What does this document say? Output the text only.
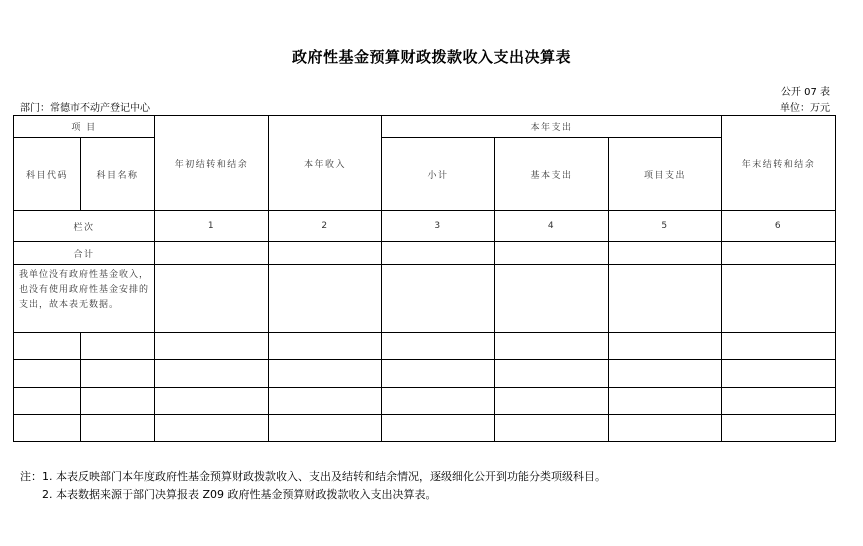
政府性基金预算财政拨款收入支出决算表
公开 07 表
部门：常德市不动产登记中心	单位：万元
项 目		年初结转和结余	本年收入	本年支出			年末结转和结余
科目代码	科目名称			小计	基本支出	项目支出	
栏次		1	2	3	4	5	6
合计							
我单位没有政府性基金收入，也没有使用政府性基金安排的支出，故本表无数据。							

注：1. 本表反映部门本年度政府性基金预算财政拨款收入、支出及结转和结余情况，逐级细化公开到功能分类项级科目。
2. 本表数据来源于部门决算报表 Z09 政府性基金预算财政拨款收入支出决算表。
